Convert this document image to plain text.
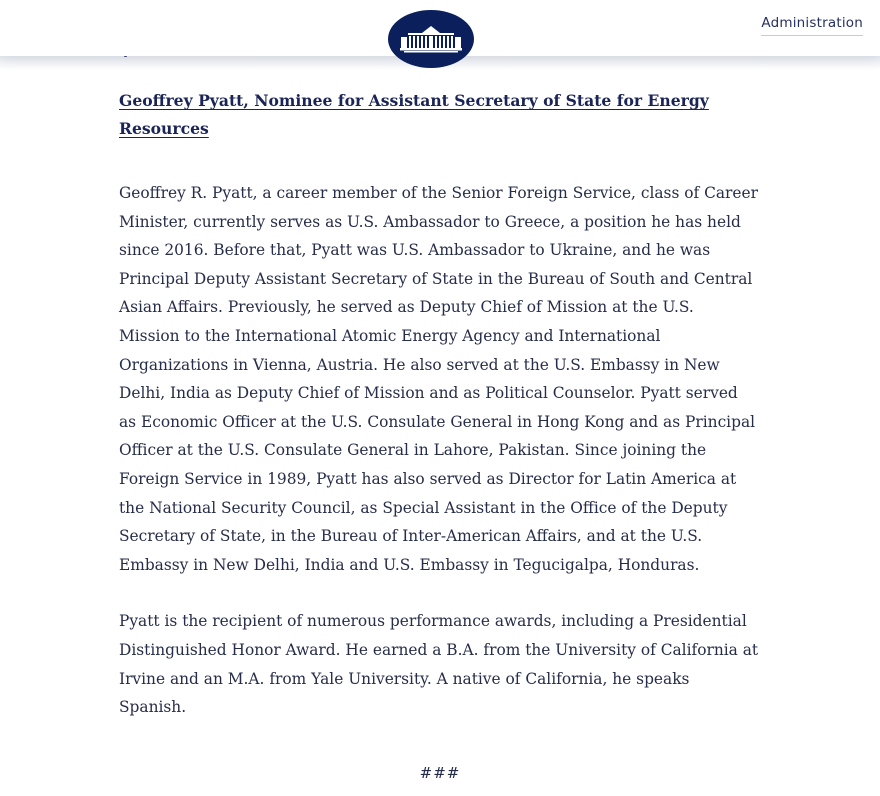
Administration

Geoffrey Pyatt, Nominee for Assistant Secretary of State for Energy Resources

Geoffrey R. Pyatt, a career member of the Senior Foreign Service, class of Career Minister, currently serves as U.S. Ambassador to Greece, a position he has held since 2016. Before that, Pyatt was U.S. Ambassador to Ukraine, and he was Principal Deputy Assistant Secretary of State in the Bureau of South and Central Asian Affairs. Previously, he served as Deputy Chief of Mission at the U.S. Mission to the International Atomic Energy Agency and International Organizations in Vienna, Austria. He also served at the U.S. Embassy in New Delhi, India as Deputy Chief of Mission and as Political Counselor. Pyatt served as Economic Officer at the U.S. Consulate General in Hong Kong and as Principal Officer at the U.S. Consulate General in Lahore, Pakistan. Since joining the Foreign Service in 1989, Pyatt has also served as Director for Latin America at the National Security Council, as Special Assistant in the Office of the Deputy Secretary of State, in the Bureau of Inter-American Affairs, and at the U.S. Embassy in New Delhi, India and U.S. Embassy in Tegucigalpa, Honduras.

Pyatt is the recipient of numerous performance awards, including a Presidential Distinguished Honor Award. He earned a B.A. from the University of California at Irvine and an M.A. from Yale University. A native of California, he speaks Spanish.

###
